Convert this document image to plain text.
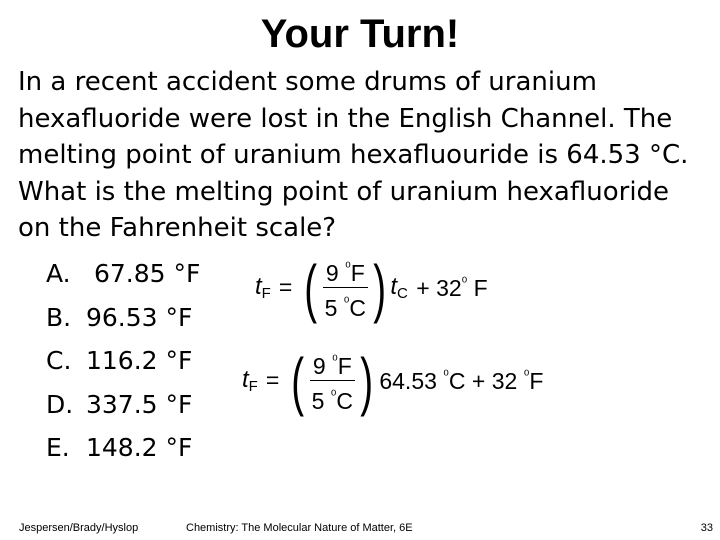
Your Turn!
In a recent accident some drums of uranium
hexafluoride were lost in the English Channel. The
melting point of uranium hexafluouride is 64.53 °C.
What is the melting point of uranium hexafluoride
on the Fahrenheit scale?
A. 67.85 °F
B. 96.53 °F
C. 116.2 °F
D. 337.5 °F
E. 148.2 °F
$t_F$ = ( $\frac{9 ^{^0}F}{5 ^{^0}C}$ ) $t_C + 32^{^0}$ F
$t_F$ = ( $\frac{9 ^{^0}F}{5 ^{^0}C}$ ) 64.53 $^{^0}$C + 32 $^{^0}$F
Jespersen/Brady/Hyslop	Chemistry: The Molecular Nature of Matter, 6E	33
